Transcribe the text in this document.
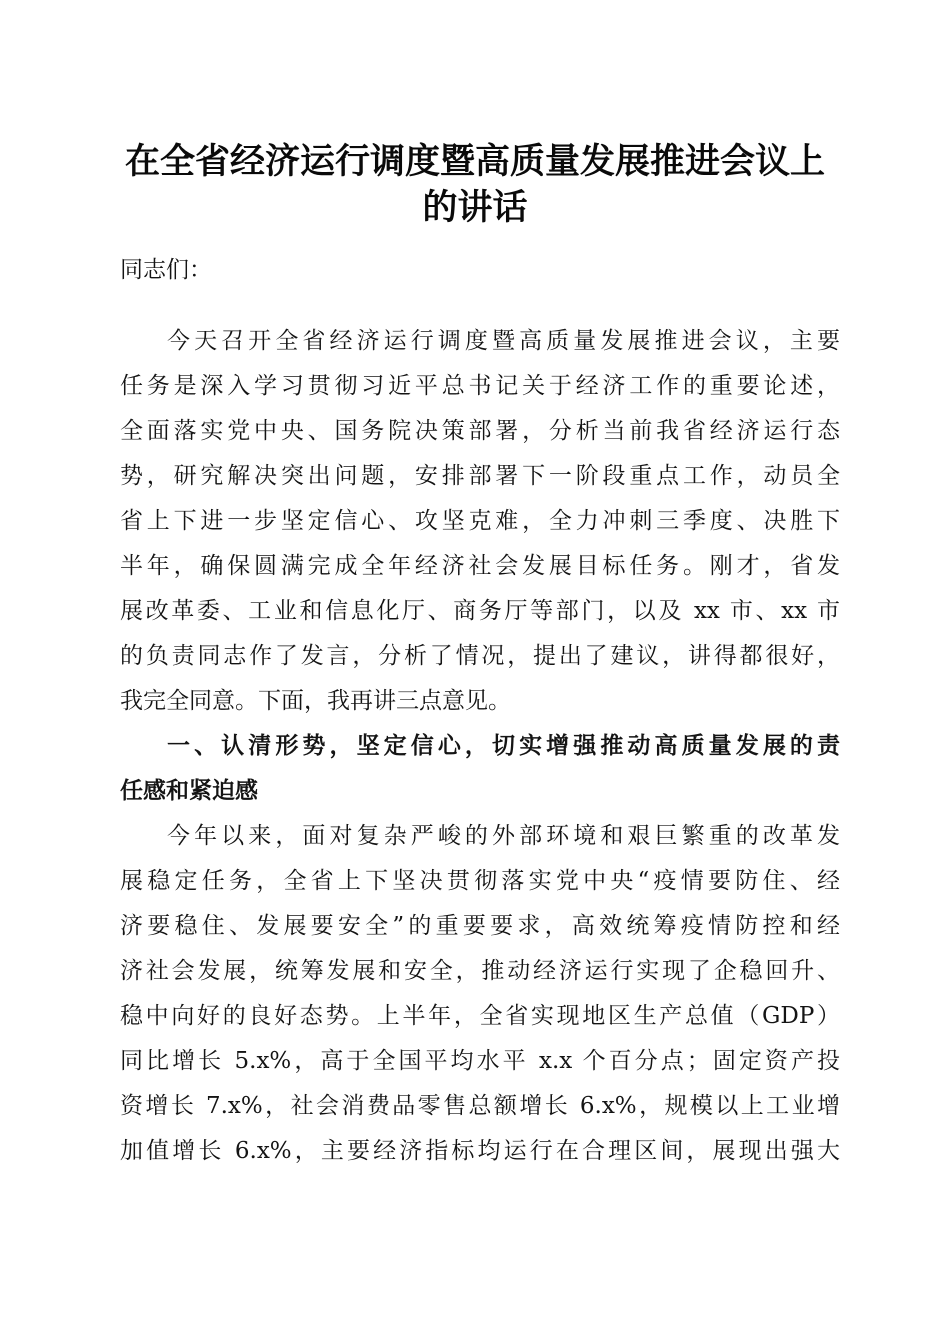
在全省经济运行调度暨高质量发展推进会议上
的讲话

同志们：

今天召开全省经济运行调度暨高质量发展推进会议，主要

任务是深入学习贯彻习近平总书记关于经济工作的重要论述，

全面落实党中央、国务院决策部署，分析当前我省经济运行态

势，研究解决突出问题，安排部署下一阶段重点工作，动员全

省上下进一步坚定信心、攻坚克难，全力冲刺三季度、决胜下

半年，确保圆满完成全年经济社会发展目标任务。刚才，省发

展改革委、工业和信息化厅、商务厅等部门，以及 xx 市、xx 市

的负责同志作了发言，分析了情况，提出了建议，讲得都很好，

我完全同意。下面，我再讲三点意见。

一、认清形势，坚定信心，切实增强推动高质量发展的责

任感和紧迫感

今年以来，面对复杂严峻的外部环境和艰巨繁重的改革发

展稳定任务，全省上下坚决贯彻落实党中央“疫情要防住、经

济要稳住、发展要安全”的重要要求，高效统筹疫情防控和经

济社会发展，统筹发展和安全，推动经济运行实现了企稳回升、

稳中向好的良好态势。上半年，全省实现地区生产总值（GDP）

同比增长 5.x%，高于全国平均水平 x.x 个百分点；固定资产投

资增长 7.x%，社会消费品零售总额增长 6.x%，规模以上工业增

加值增长 6.x%，主要经济指标均运行在合理区间，展现出强大
